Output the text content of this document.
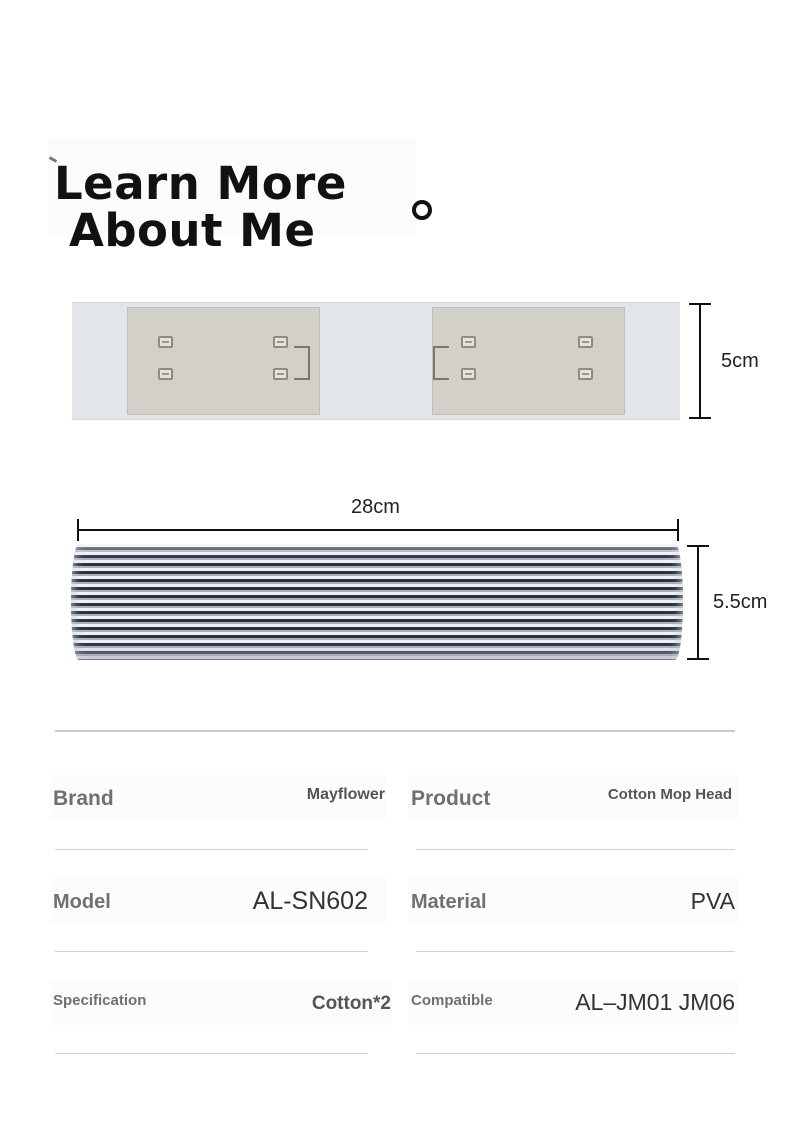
Learn More
About Me
5cm
28cm
5.5cm
Brand	Mayflower Product	Cotton Mop Head
Model	AL-SN602 Material	PVA
Specification	Cotton*2 Compatible	AL–JM01 JM06
